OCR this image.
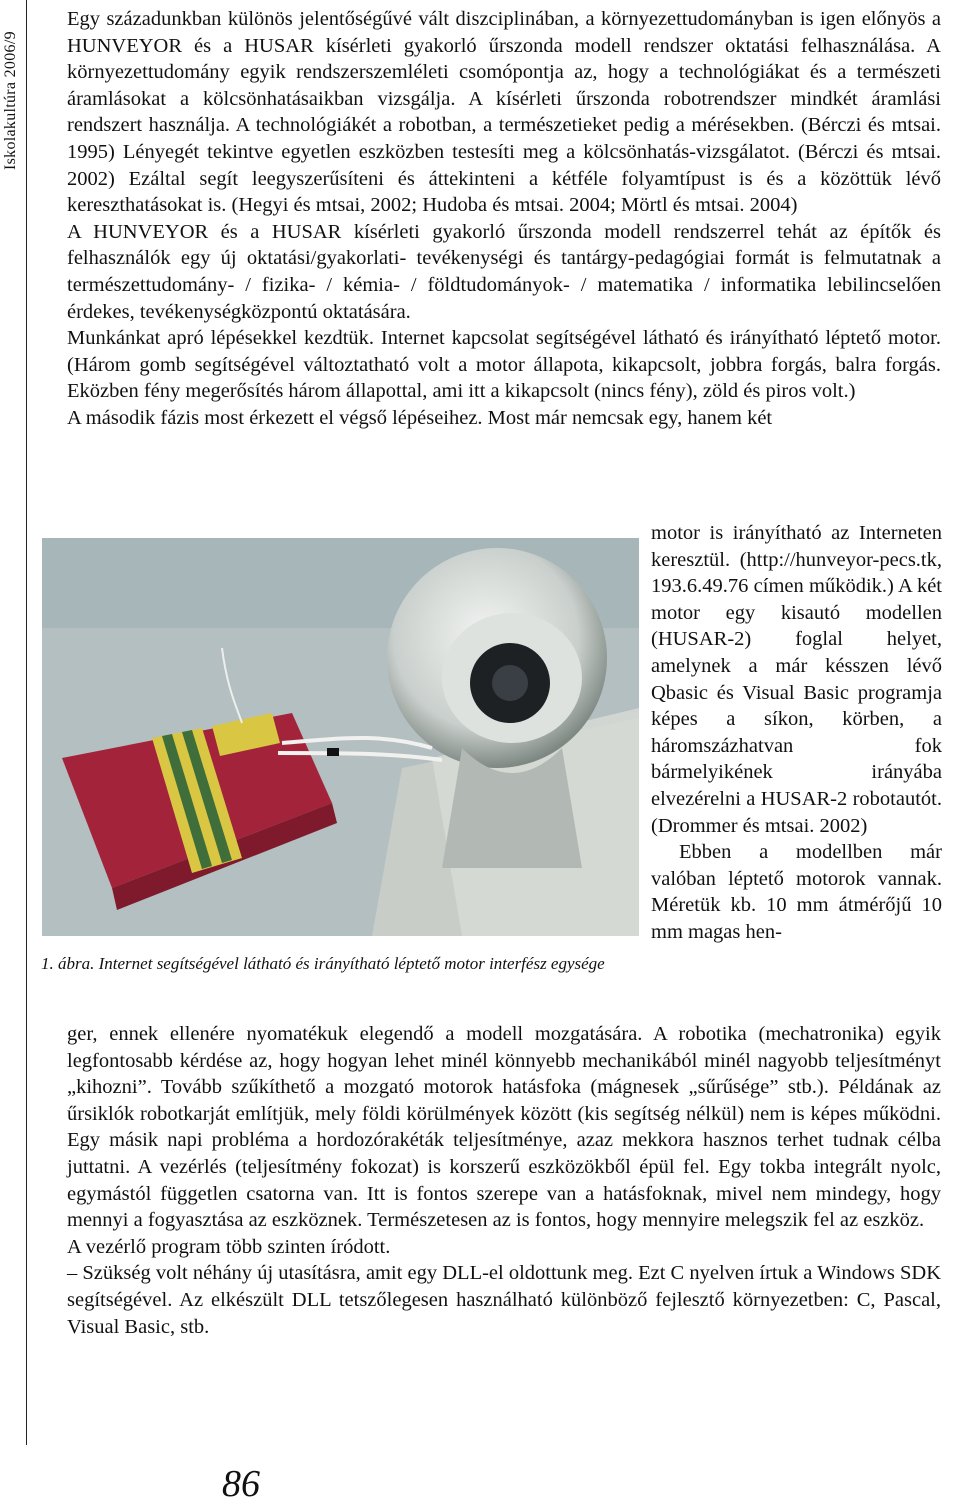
Iskolakultúra 2006/9

Egy századunkban különös jelentőségűvé vált diszciplinában, a környezettudományban is igen előnyös a HUNVEYOR és a HUSAR kísérleti gyakorló űrszonda modell rendszer oktatási felhasználása. A környezettudomány egyik rendszerszemléleti csomópontja az, hogy a technológiákat és a természeti áramlásokat a kölcsönhatásaikban vizsgálja. A kísérleti űrszonda robotrendszer mindkét áramlási rendszert használja. A technológiákét a robotban, a természetieket pedig a mérésekben. (Bérczi és mtsai. 1995) Lényegét tekintve egyetlen eszközben testesíti meg a kölcsönhatás-vizsgálatot. (Bérczi és mtsai. 2002) Ezáltal segít leegyszerűsíteni és áttekinteni a kétféle folyamtípust is és a közöttük lévő kereszthatásokat is. (Hegyi és mtsai, 2002; Hudoba és mtsai. 2004; Mörtl és mtsai. 2004)

A HUNVEYOR és a HUSAR kísérleti gyakorló űrszonda modell rendszerrel tehát az építők és felhasználók egy új oktatási/gyakorlati- tevékenységi és tantárgy-pedagógiai formát is felmutatnak a természettudomány- / fizika- / kémia- / földtudományok- / matematika / informatika lebilincselően érdekes, tevékenységközpontú oktatására.

Munkánkat apró lépésekkel kezdtük. Internet kapcsolat segítségével látható és irányítható léptető motor. (Három gomb segítségével változtatható volt a motor állapota, kikapcsolt, jobbra forgás, balra forgás. Eközben fény megerősítés három állapottal, ami itt a kikapcsolt (nincs fény), zöld és piros volt.)

A második fázis most érkezett el végső lépéseihez. Most már nemcsak egy, hanem két

motor is irányítható az Interneten keresztül. (http://hunveyor-pecs.tk, 193.6.49.76 címen működik.) A két motor egy kisautó modellen (HUSAR-2) foglal helyet, amelynek a már késszen lévő Qbasic és Visual Basic programja képes a síkon, körben, a háromszázhatvan fok bármelyikének irányába elvezérelni a HUSAR-2 robotautót. (Drommer és mtsai. 2002)

Ebben a modellben már valóban léptető motorok vannak. Méretük kb. 10 mm átmérőjű 10 mm magas hen-

1. ábra. Internet segítségével látható és irányítható léptető motor interfész egysége

ger, ennek ellenére nyomatékuk elegendő a modell mozgatására. A robotika (mechatronika) egyik legfontosabb kérdése az, hogy hogyan lehet minél könnyebb mechanikából minél nagyobb teljesítményt „kihozni”. Tovább szűkíthető a mozgató motorok hatásfoka (mágnesek „sűrűsége” stb.). Példának az űrsiklók robotkarját említjük, mely földi körülmények között (kis segítség nélkül) nem is képes működni. Egy másik napi probléma a hordozórakéták teljesítménye, azaz mekkora hasznos terhet tudnak célba juttatni. A vezérlés (teljesítmény fokozat) is korszerű eszközökből épül fel. Egy tokba integrált nyolc, egymástól független csatorna van. Itt is fontos szerepe van a hatásfoknak, mivel nem mindegy, hogy mennyi a fogyasztása az eszköznek. Természetesen az is fontos, hogy mennyire melegszik fel az eszköz.

A vezérlő program több szinten íródott.

– Szükség volt néhány új utasításra, amit egy DLL-el oldottunk meg. Ezt C nyelven írtuk a Windows SDK segítségével. Az elkészült DLL tetszőlegesen használható különböző fejlesztő környezetben: C, Pascal, Visual Basic, stb.

86
